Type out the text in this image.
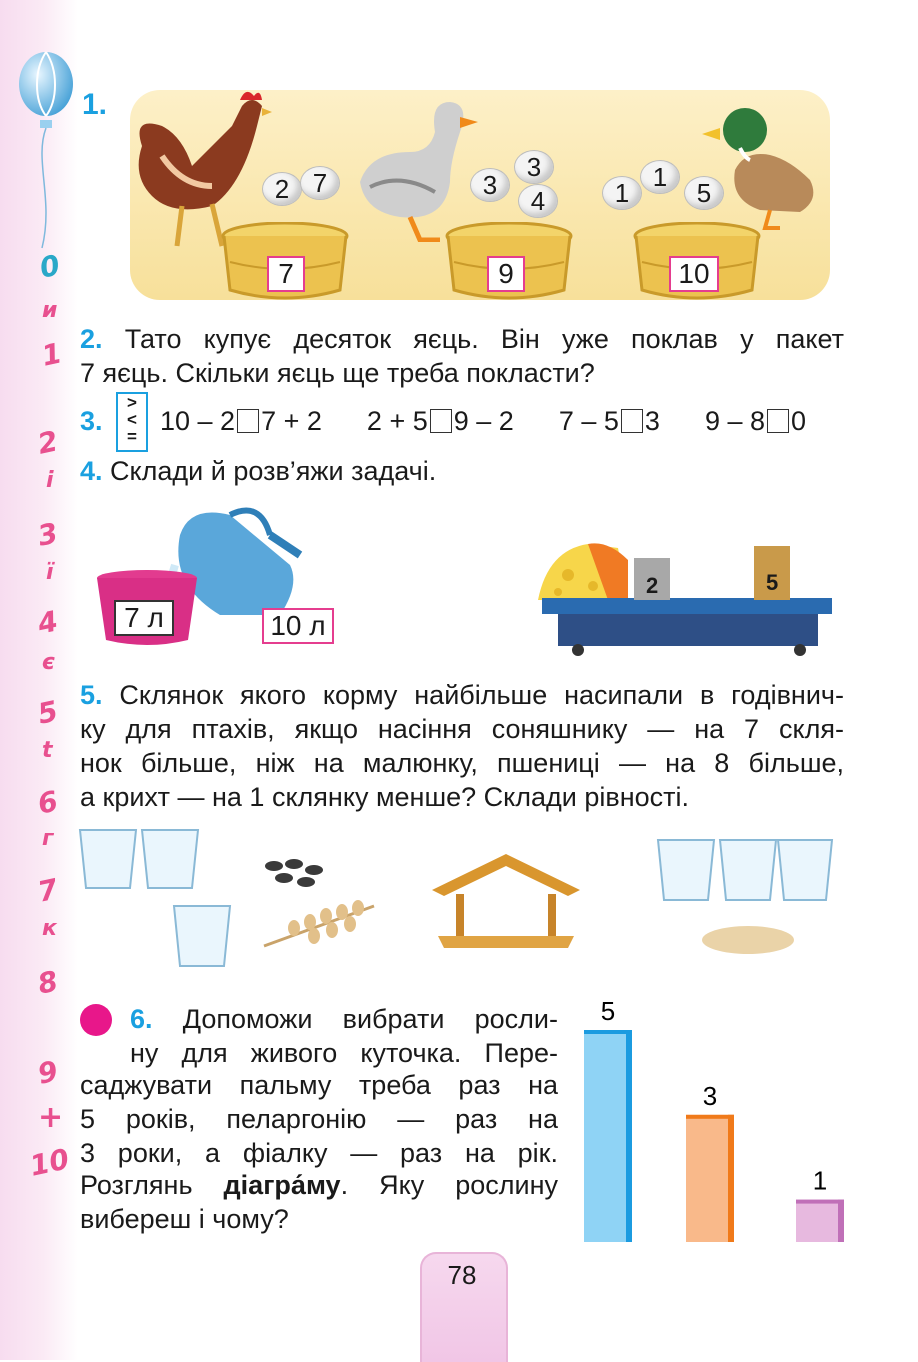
0
и
1
2
і
3
ї
4
є
5
t
6
г
7
к
8
9
+
10
1.
2 7	3
3
4	1
1
5
7	9	10
2. Тато купує десяток яєць. Він уже поклав у пакет
7 яєць. Скільки яєць ще треба покласти?
3.
>
<
=
10 – 2 7 + 2 2 + 5 9 – 2 7 – 5 3 9 – 8 0
4. Склади й розв’яжи задачі.
7 л	10 л
2	5
5. Склянок якого корму найбільше насипали в годівнич-
ку для птахів, якщо насіння соняшнику — на 7 скля-
нок більше, ніж на малюнку, пшениці — на 8 більше,
а крихт — на 1 склянку менше? Склади рівності.
6. Допоможи вибрати росли-
ну для живого куточка. Пере-
саджувати пальму треба раз на
5 років, пеларгонію — раз на
3 роки, а фіалку — раз на рік.
Розглянь діагра́му. Яку рослину
вибереш і чому?
5
3
1
78
